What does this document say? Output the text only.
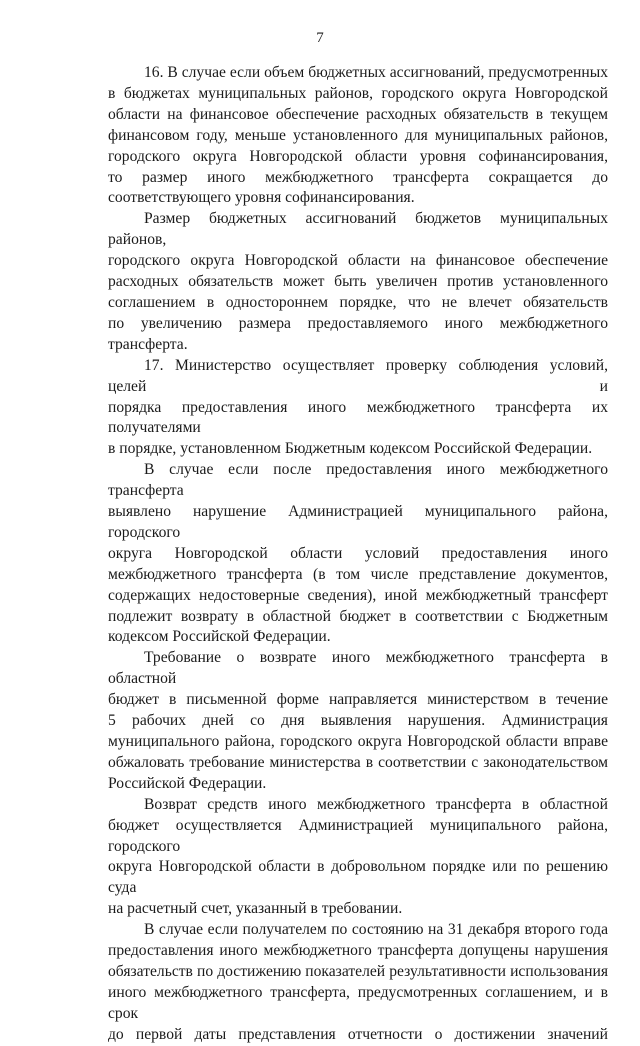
7
16. В случае если объем бюджетных ассигнований, предусмотренных
в бюджетах муниципальных районов, городского округа Новгородской
области на финансовое обеспечение расходных обязательств в текущем
финансовом году, меньше установленного для муниципальных районов,
городского округа Новгородской области уровня софинансирования,
то размер иного межбюджетного трансферта сокращается до
соответствующего уровня софинансирования.
Размер бюджетных ассигнований бюджетов муниципальных районов,
городского округа Новгородской области на финансовое обеспечение
расходных обязательств может быть увеличен против установленного
соглашением в одностороннем порядке, что не влечет обязательств
по увеличению размера предоставляемого иного межбюджетного
трансферта.
17. Министерство осуществляет проверку соблюдения условий, целей и
порядка предоставления иного межбюджетного трансферта их получателями
в порядке, установленном Бюджетным кодексом Российской Федерации.
В случае если после предоставления иного межбюджетного трансферта
выявлено нарушение Администрацией муниципального района, городского
округа Новгородской области условий предоставления иного
межбюджетного трансферта (в том числе представление документов,
содержащих недостоверные сведения), иной межбюджетный трансферт
подлежит возврату в областной бюджет в соответствии с Бюджетным
кодексом Российской Федерации.
Требование о возврате иного межбюджетного трансферта в областной
бюджет в письменной форме направляется министерством в течение
5 рабочих дней со дня выявления нарушения. Администрация
муниципального района, городского округа Новгородской области вправе
обжаловать требование министерства в соответствии с законодательством
Российской Федерации.
Возврат средств иного межбюджетного трансферта в областной
бюджет осуществляется Администрацией муниципального района, городского
округа Новгородской области в добровольном порядке или по решению суда
на расчетный счет, указанный в требовании.
В случае если получателем по состоянию на 31 декабря второго года
предоставления иного межбюджетного трансферта допущены нарушения
обязательств по достижению показателей результативности использования
иного межбюджетного трансферта, предусмотренных соглашением, и в срок
до первой даты представления отчетности о достижении значений
